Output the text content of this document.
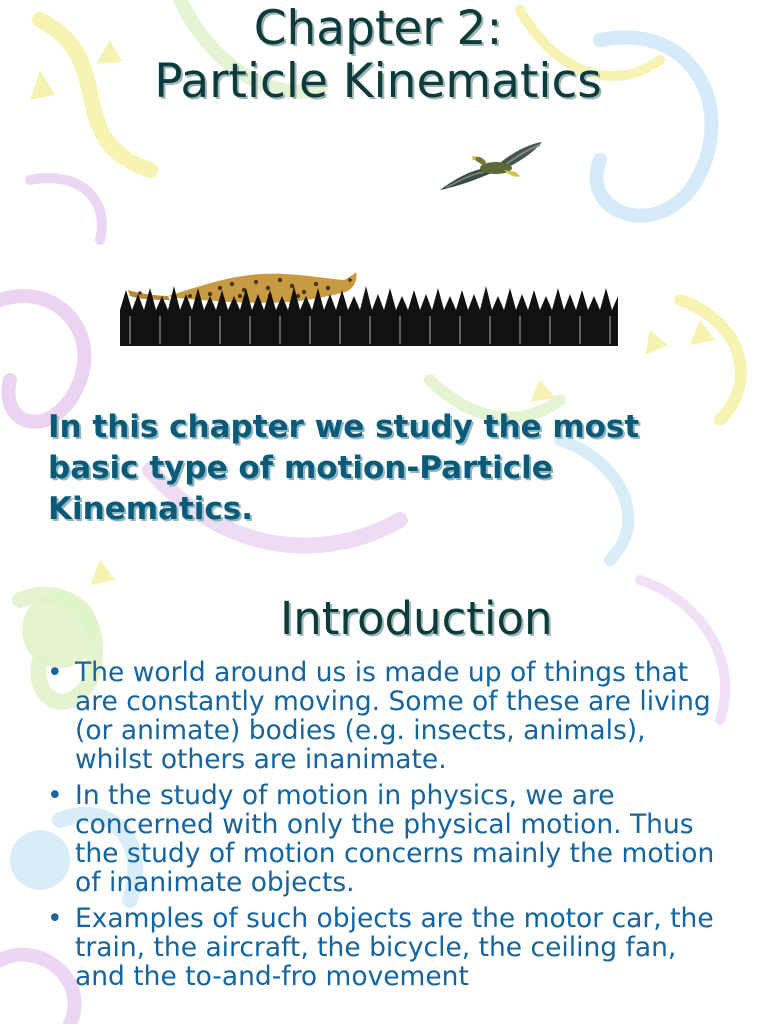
Chapter 2:
Particle Kinematics

In this chapter we study the most basic type of motion-Particle Kinematics.

Introduction
• The world around us is made up of things that are constantly moving. Some of these are living (or animate) bodies (e.g. insects, animals), whilst others are inanimate.
• In the study of motion in physics, we are concerned with only the physical motion. Thus the study of motion concerns mainly the motion of inanimate objects.
• Examples of such objects are the motor car, the train, the aircraft, the bicycle, the ceiling fan, and the to-and-fro movement
